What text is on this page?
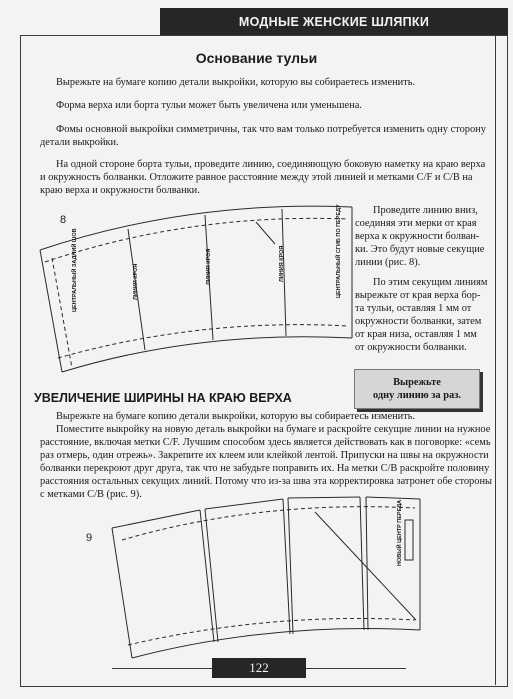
МОДНЫЕ ЖЕНСКИЕ ШЛЯПКИ
Основание тульи

Вырежьте на бумаге копию детали выкройки, которую вы собираетесь изменить.

Форма верха или борта тульи может быть увеличена или уменьшена.

Фомы основной выкройки симметричны, так что вам только потребуется изменить одну сторону

детали выкройки.

На одной стороне борта тульи, проведите линию, соединяющую боковую наметку на краю верха

и окружность болванки. Отложите равное расстояние между этой линией и метками C/F и C/B на

краю верха и окружности болванки.

Проведите линию вниз,

соединяя эти мерки от края

верха к окружности болван-

ки. Это будут новые секущие

линии (рис. 8).

По этим секущим линиям

вырежьте от края верха бор-

та тульи, оставляя 1 мм от

окружности болванки, затем

от края низа, оставляя 1 мм

от окружности болванки.

Вырежьте
одну линию за раз.
8
ЦЕНТРАЛЬНЫЙ ЗАДНИЙ ШОВ	ЛИНИЯ КРОЯ	ЛИНИЯ КРОЯ	ЛИНИЯ КРОЯ	ЦЕНТРАЛЬНЫЙ СГИБ ПО ПЕРЕДУ
УВЕЛИЧЕНИЕ ШИРИНЫ НА КРАЮ ВЕРХА

Вырежьте на бумаге копию детали выкройки, которую вы собираетесь изменить.

Поместите выкройку на новую деталь выкройки на бумаге и раскройте секущие линии на нужное

расстояние, включая метки C/F. Лучшим способом здесь является действовать как в поговорке: «семь

раз отмерь, один отрежь». Закрепите их клеем или клейкой лентой. Припуски на швы на окружности

болванки перекроют друг друга, так что не забудьте поправить их. На метки C/B раскройте половину

расстояния остальных секущих линий. Потому что из-за шва эта корректировка затронет обе стороны

с метками C/B (рис. 9).

9	НОВЫЙ ЦЕНТР ПЕРЕДА
122
